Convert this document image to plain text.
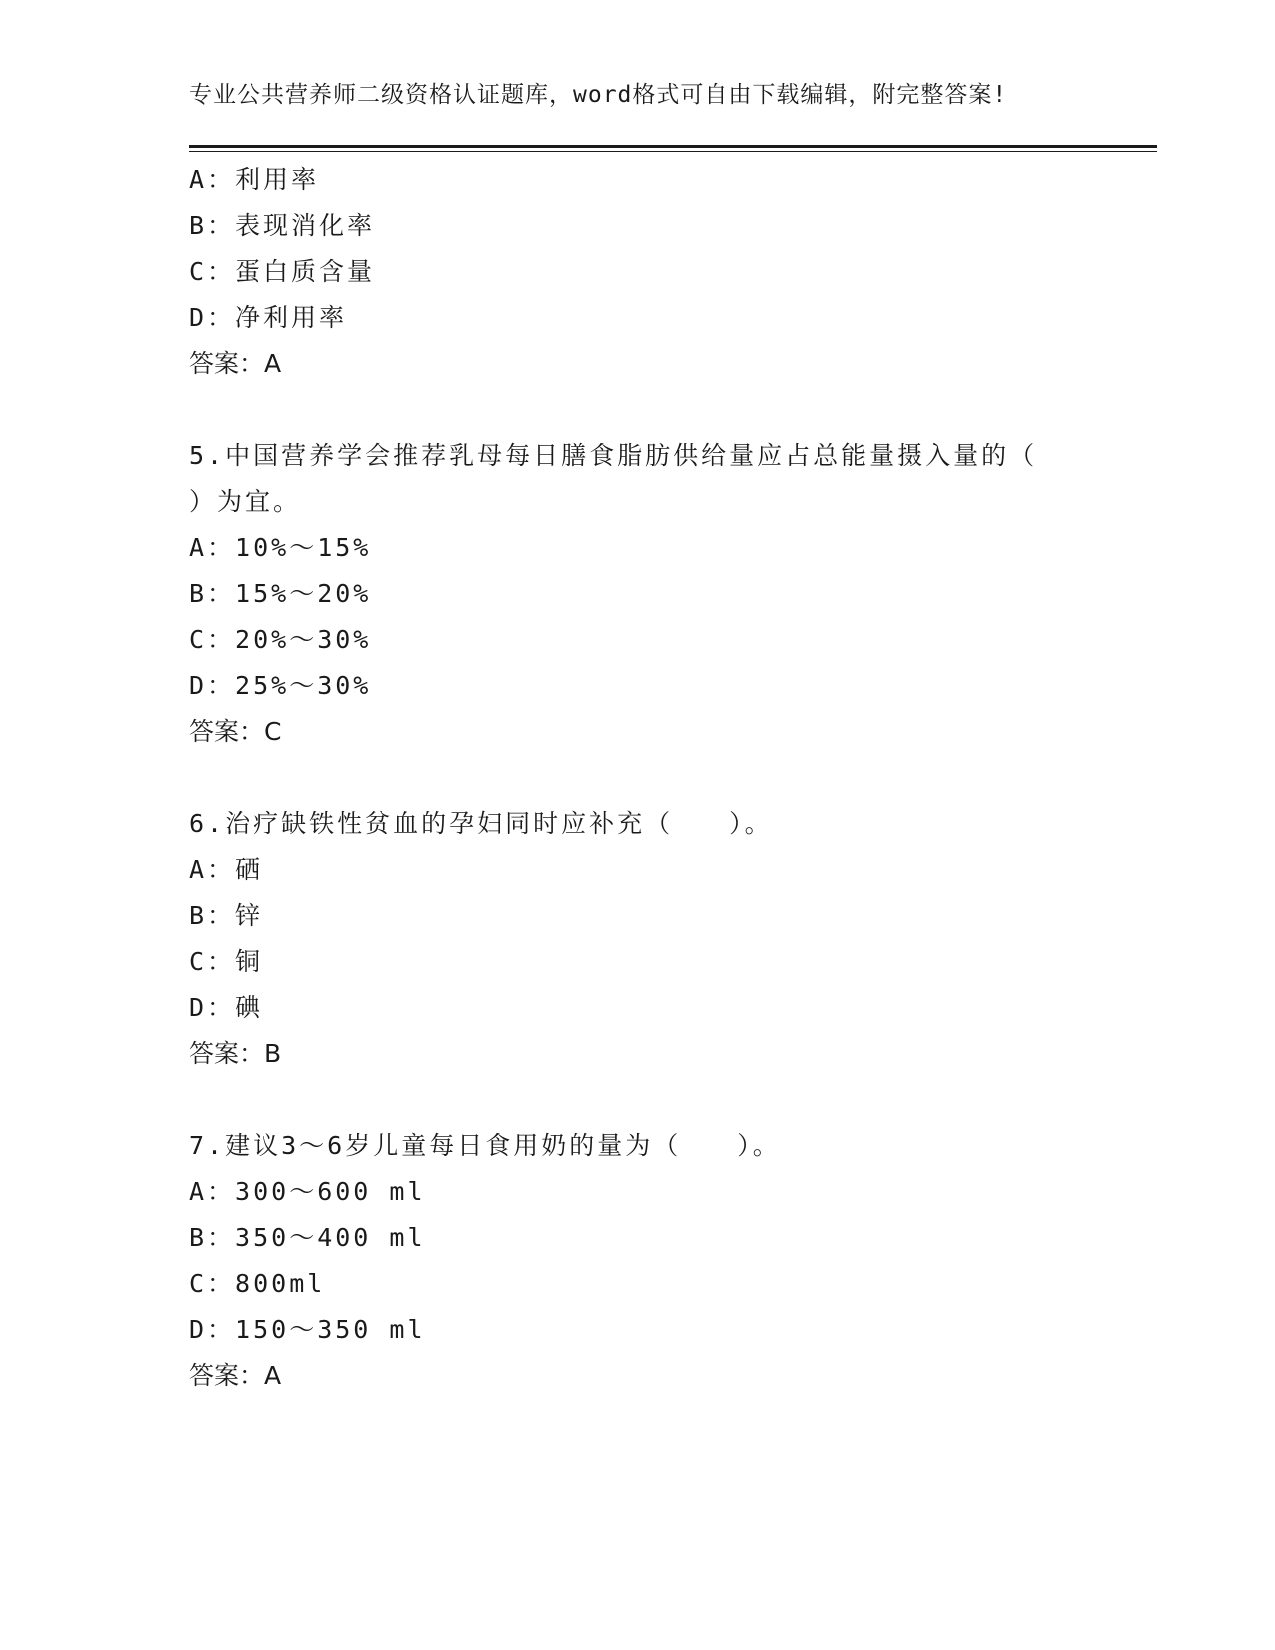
专业公共营养师二级资格认证题库，word格式可自由下载编辑，附完整答案!
A：利用率
B：表现消化率
C：蛋白质含量
D：净利用率
答案：A
5.中国营养学会推荐乳母每日膳食脂肪供给量应占总能量摄入量的（
）为宜。
A：10%～15%
B：15%～20%
C：20%～30%
D：25%～30%
答案：C
6.治疗缺铁性贫血的孕妇同时应补充（　　）。
A：硒
B：锌
C：铜
D：碘
答案：B
7.建议3～6岁儿童每日食用奶的量为（　　）。
A：300～600 ml
B：350～400 ml
C：800ml
D：150～350 ml
答案：A
